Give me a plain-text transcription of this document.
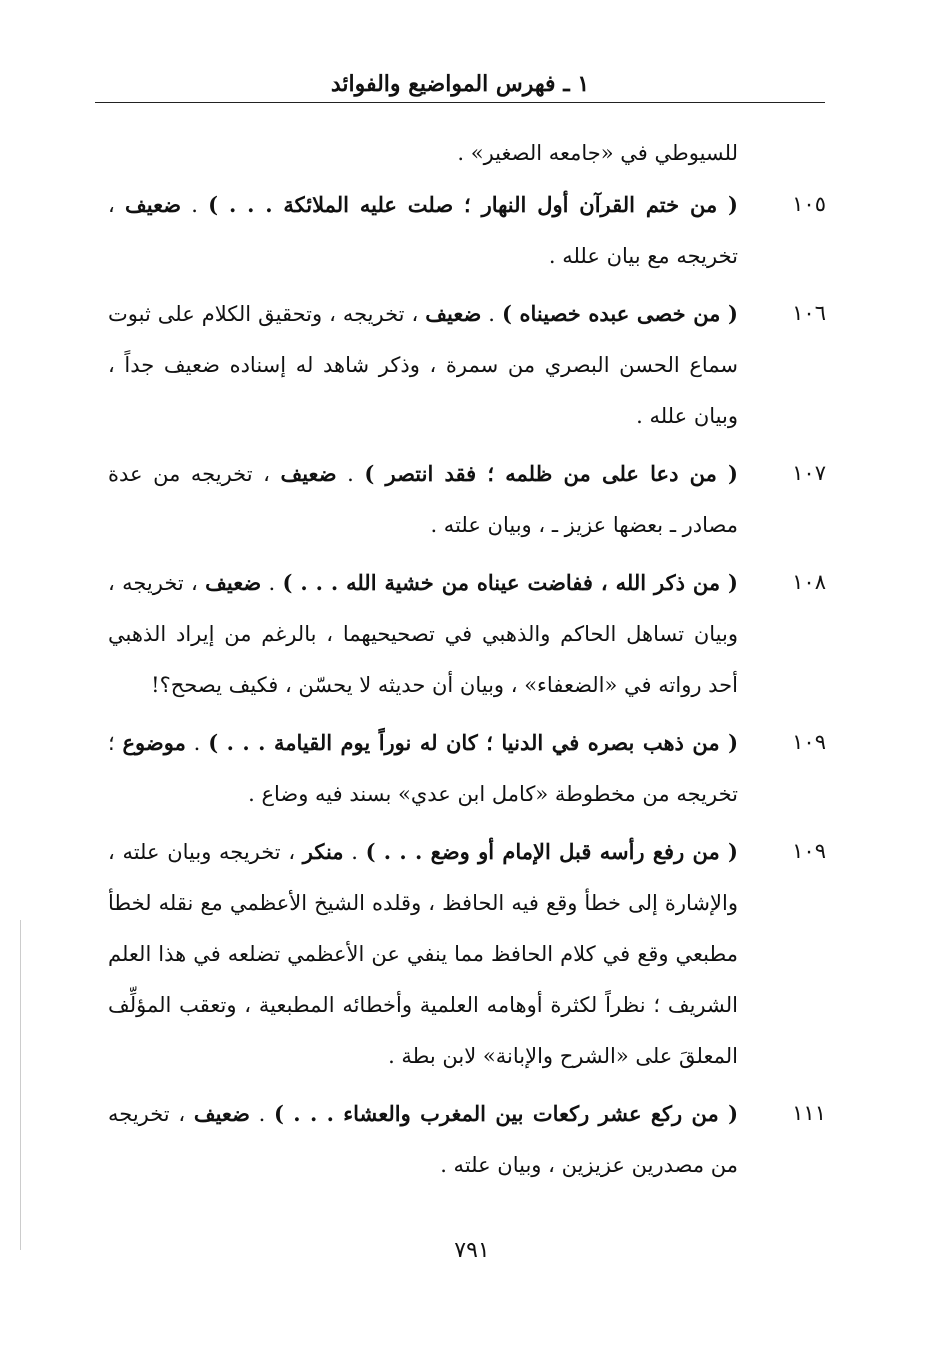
١ ـ فهرس المواضيع والفوائد
للسيوطي في «جامعه الصغير» .
١٠٥
( من ختم القرآن أول النهار ؛ صلت عليه الملائكة . . . ) . ضعيف ، تخريجه مع بيان علله .
١٠٦
( من خصى عبده خصيناه ) . ضعيف ، تخريجه ، وتحقيق الكلام على ثبوت سماع الحسن البصري من سمرة ، وذكر شاهد له إسناده ضعيف جداً ، وبيان علله .
١٠٧
( من دعا على من ظلمه ؛ فقد انتصر ) . ضعيف ، تخريجه من عدة مصادر ـ بعضها عزيز ـ ، وبيان علته .
١٠٨
( من ذكر الله ، ففاضت عيناه من خشية الله . . . ) . ضعيف ، تخريجه ، وبيان تساهل الحاكم والذهبي في تصحيحيهما ، بالرغم من إيراد الذهبي أحد رواته في «الضعفاء» ، وبيان أن حديثه لا يحسّن ، فكيف يصحح؟!
١٠٩
( من ذهب بصره في الدنيا ؛ كان له نوراً يوم القيامة . . . ) . موضوع ؛ تخريجه من مخطوطة «كامل ابن عدي» بسند فيه وضاع .
١٠٩
( من رفع رأسه قبل الإمام أو وضع . . . ) . منكر ، تخريجه وبيان علته ، والإشارة إلى خطأ وقع فيه الحافظ ، وقلده الشيخ الأعظمي مع نقله لخطأ مطبعي وقع في كلام الحافظ مما ينفي عن الأعظمي تضلعه في هذا العلم الشريف ؛ نظراً لكثرة أوهامه العلمية وأخطائه المطبعية ، وتعقب المؤلِّف المعلقَ على «الشرح والإبانة» لابن بطة .
١١١
( من ركع عشر ركعات بين المغرب والعشاء . . . ) . ضعيف ، تخريجه من مصدرين عزيزين ، وبيان علته .
٧٩١
